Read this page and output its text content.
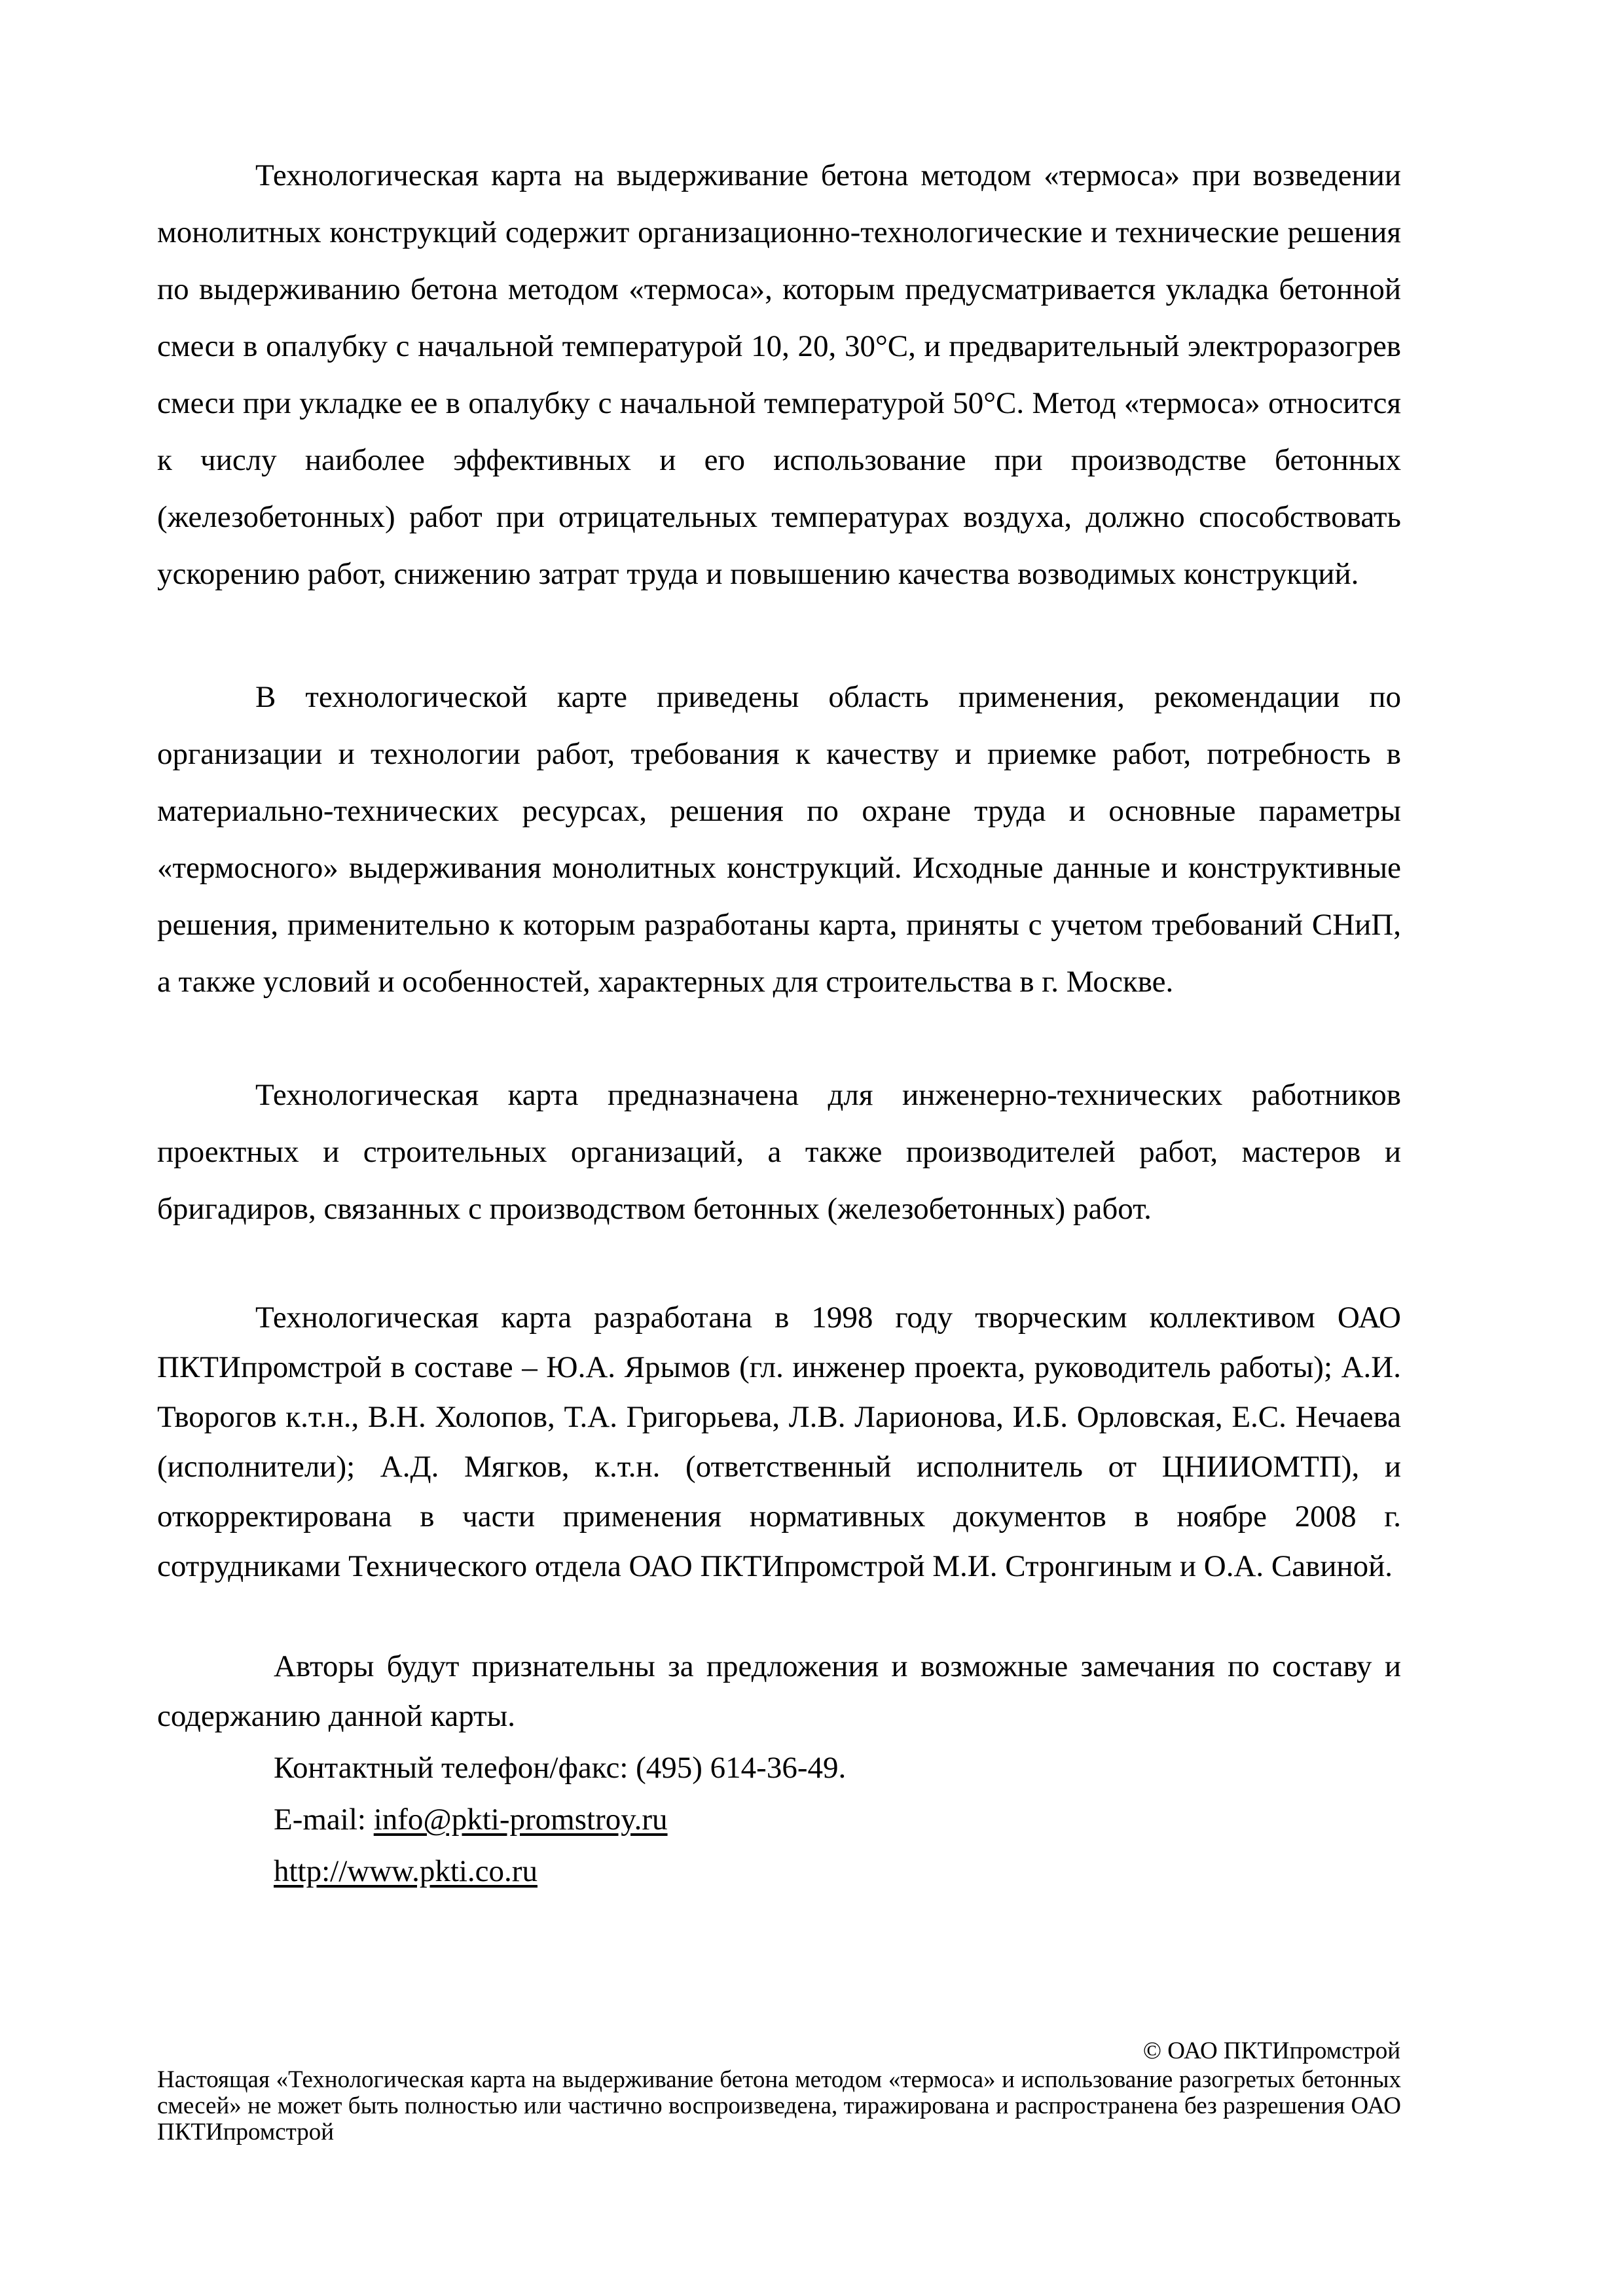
Технологическая карта на выдерживание бетона методом «термоса» при возведении монолитных конструкций содержит организационно-технологические и технические решения по выдерживанию бетона методом «термоса», которым предусматривается укладка бетонной смеси в опалубку с начальной температурой 10, 20, 30°С, и предварительный электроразогрев смеси при укладке ее в опалубку с начальной температурой 50°С. Метод «термоса» относится к числу наиболее эффективных и его использование при производстве бетонных (железобетонных) работ при отрицательных температурах воздуха, должно способствовать ускорению работ, снижению затрат труда и повышению качества возводимых конструкций.

В технологической карте приведены область применения, рекомендации по организации и технологии работ, требования к качеству и приемке работ, потребность в материально-технических ресурсах, решения по охране труда и основные параметры «термосного» выдерживания монолитных конструкций. Исходные данные и конструктивные решения, применительно к которым разработаны карта, приняты с учетом требований СНиП, а также условий и особенностей, характерных для строительства в г. Москве.

Технологическая карта предназначена для инженерно-технических работников проектных и строительных организаций, а также производителей работ, мастеров и бригадиров, связанных с производством бетонных (железобетонных) работ.

Технологическая карта разработана в 1998 году творческим коллективом ОАО ПКТИпромстрой в составе – Ю.А. Ярымов (гл. инженер проекта, руководитель работы); А.И. Творогов к.т.н., В.Н. Холопов, Т.А. Григорьева, Л.В. Ларионова, И.Б. Орловская, Е.С. Нечаева (исполнители); А.Д. Мягков, к.т.н. (ответственный исполнитель от ЦНИИОМТП), и откорректирована в части применения нормативных документов в ноябре 2008 г. сотрудниками Технического отдела ОАО ПКТИпромстрой М.И. Стронгиным и О.А. Савиной.

Авторы будут признательны за предложения и возможные замечания по составу и содержанию данной карты.

Контактный телефон/факс: (495) 614-36-49.
E-mail: info@pkti-promstroy.ru
http://www.pkti.co.ru
© ОАО ПКТИпромстрой

Настоящая «Технологическая карта на выдерживание бетона методом «термоса» и использование разогретых бетонных смесей» не может быть полностью или частично воспроизведена, тиражирована и распространена без разрешения ОАО ПКТИпромстрой
